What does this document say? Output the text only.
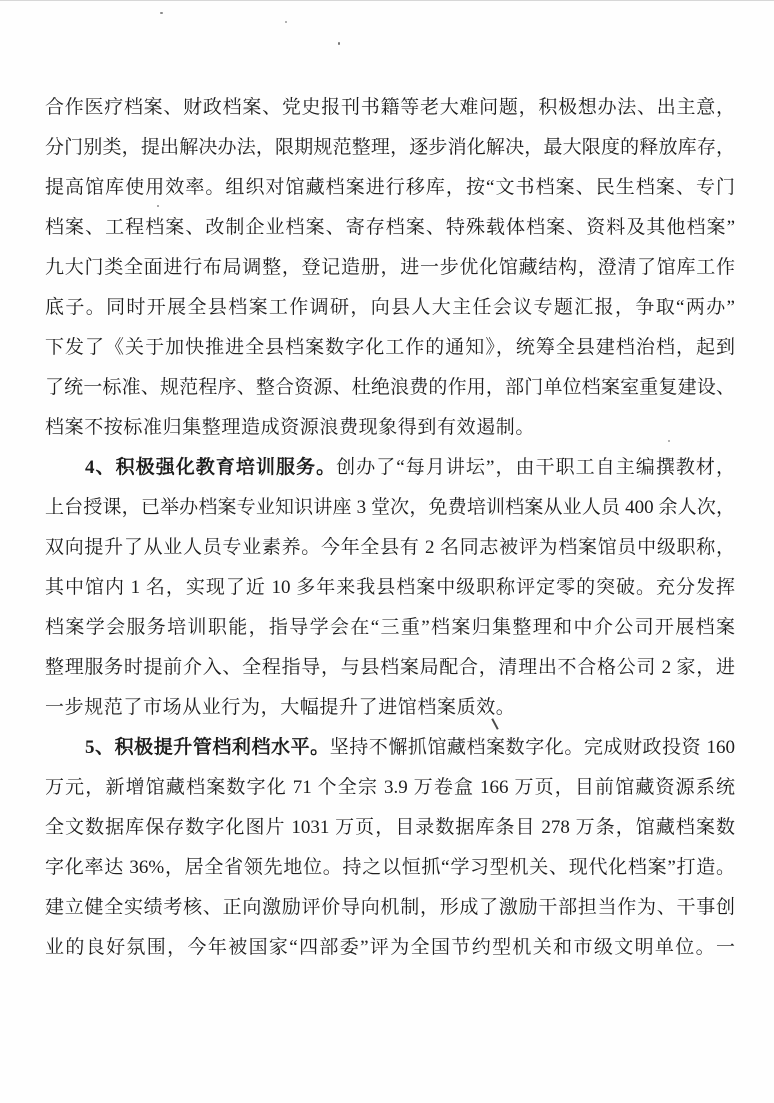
合作医疗档案、财政档案、党史报刊书籍等老大难问题，积极想办法、出主意，
分门别类，提出解决办法，限期规范整理，逐步消化解决，最大限度的释放库存，
提高馆库使用效率。组织对馆藏档案进行移库，按“文书档案、民生档案、专门
档案、工程档案、改制企业档案、寄存档案、特殊载体档案、资料及其他档案”
九大门类全面进行布局调整，登记造册，进一步优化馆藏结构，澄清了馆库工作
底子。同时开展全县档案工作调研，向县人大主任会议专题汇报，争取“两办”
下发了《关于加快推进全县档案数字化工作的通知》，统筹全县建档治档，起到
了统一标准、规范程序、整合资源、杜绝浪费的作用，部门单位档案室重复建设、
档案不按标准归集整理造成资源浪费现象得到有效遏制。
4、积极强化教育培训服务。创办了“每月讲坛”，由干职工自主编撰教材，
上台授课，已举办档案专业知识讲座 3 堂次，免费培训档案从业人员 400 余人次，
双向提升了从业人员专业素养。今年全县有 2 名同志被评为档案馆员中级职称，
其中馆内 1 名，实现了近 10 多年来我县档案中级职称评定零的突破。充分发挥
档案学会服务培训职能，指导学会在“三重”档案归集整理和中介公司开展档案
整理服务时提前介入、全程指导，与县档案局配合，清理出不合格公司 2 家，进
一步规范了市场从业行为，大幅提升了进馆档案质效。
5、积极提升管档利档水平。坚持不懈抓馆藏档案数字化。完成财政投资 160
万元，新增馆藏档案数字化 71 个全宗 3.9 万卷盒 166 万页，目前馆藏资源系统
全文数据库保存数字化图片 1031 万页，目录数据库条目 278 万条，馆藏档案数
字化率达 36%，居全省领先地位。持之以恒抓“学习型机关、现代化档案”打造。
建立健全实绩考核、正向激励评价导向机制，形成了激励干部担当作为、干事创
业的良好氛围，今年被国家“四部委”评为全国节约型机关和市级文明单位。一
